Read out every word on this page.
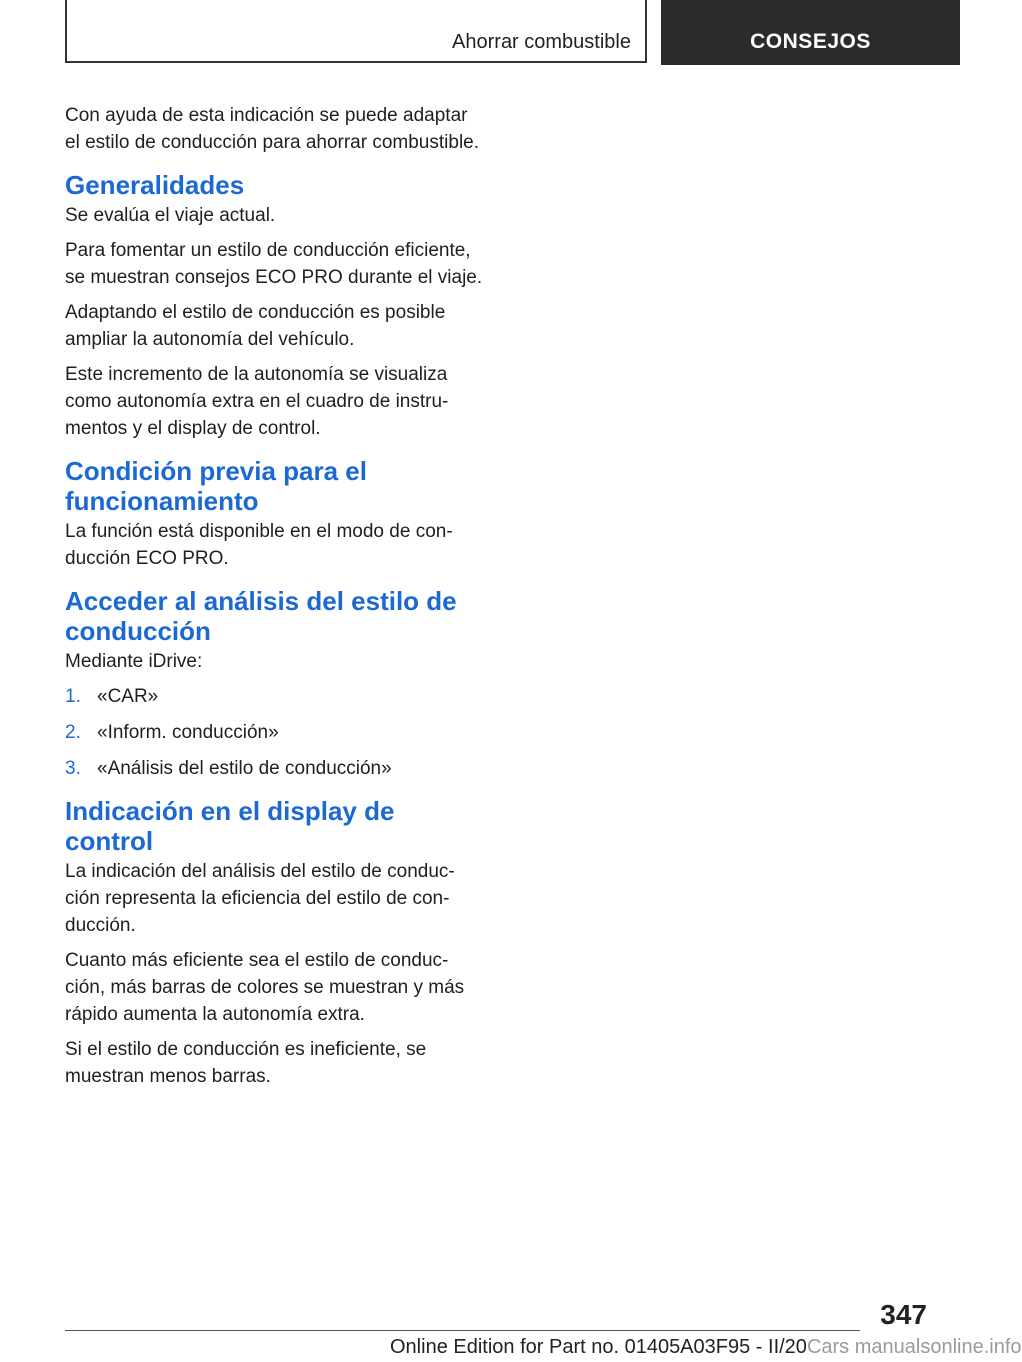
Ahorrar combustible	CONSEJOS

Con ayuda de esta indicación se puede adaptar el estilo de conducción para ahorrar combustible.

Generalidades

Se evalúa el viaje actual.

Para fomentar un estilo de conducción eficiente, se muestran consejos ECO PRO durante el viaje.

Adaptando el estilo de conducción es posible ampliar la autonomía del vehículo.

Este incremento de la autonomía se visualiza como autonomía extra en el cuadro de instru‐ mentos y el display de control.

Condición previa para el funcionamiento

La función está disponible en el modo de con‐ ducción ECO PRO.

Acceder al análisis del estilo de conducción

Mediante iDrive:

1. «CAR»
2. «Inform. conducción»
3. «Análisis del estilo de conducción»
Indicación en el display de control

La indicación del análisis del estilo de conduc‐ ción representa la eficiencia del estilo de con‐ ducción.

Cuanto más eficiente sea el estilo de conduc‐ ción, más barras de colores se muestran y más rápido aumenta la autonomía extra.

Si el estilo de conducción es ineficiente, se muestran menos barras.

347
Online Edition for Part no. 01405A03F95 - II/20Cars manualsonline.info
